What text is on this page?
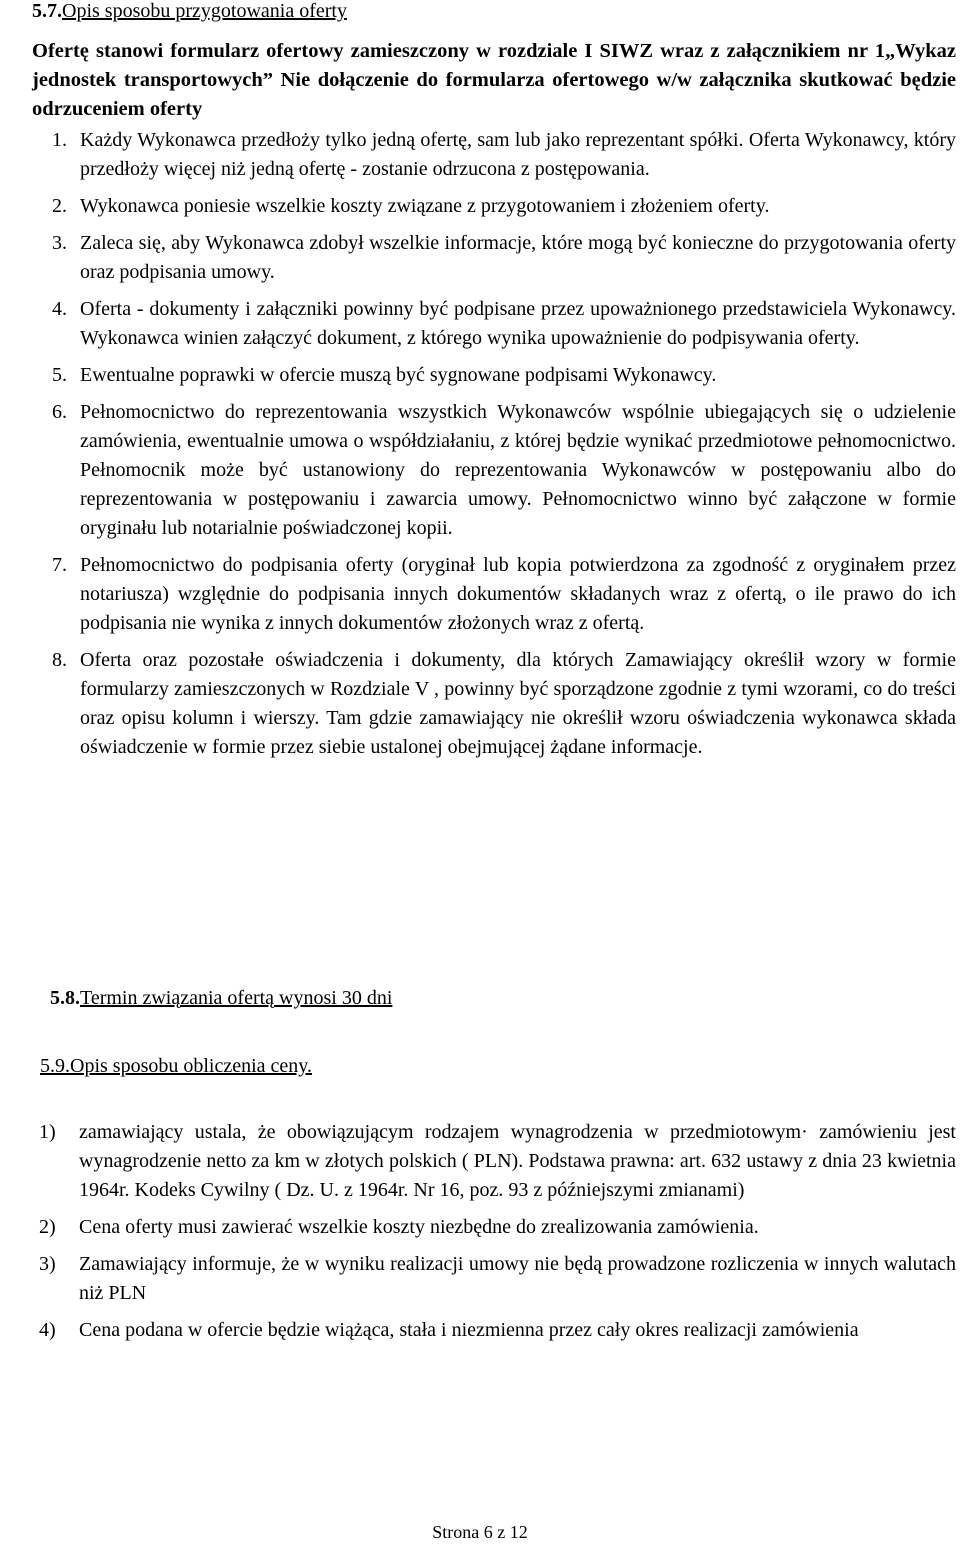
5.7.Opis sposobu przygotowania oferty
Ofertę stanowi formularz ofertowy zamieszczony w rozdziale I SIWZ wraz z załącznikiem nr 1„Wykaz jednostek transportowych” Nie dołączenie do formularza ofertowego w/w załącznika skutkować będzie odrzuceniem oferty
1. Każdy Wykonawca przedłoży tylko jedną ofertę, sam lub jako reprezentant spółki. Oferta Wykonawcy, który przedłoży więcej niż jedną ofertę - zostanie odrzucona z postępowania.
2. Wykonawca poniesie wszelkie koszty związane z przygotowaniem i złożeniem oferty.
3. Zaleca się, aby Wykonawca zdobył wszelkie informacje, które mogą być konieczne do przygotowania oferty oraz podpisania umowy.
4. Oferta - dokumenty i załączniki powinny być podpisane przez upoważnionego przedstawiciela Wykonawcy. Wykonawca winien załączyć dokument, z którego wynika upoważnienie do podpisywania oferty.
5. Ewentualne poprawki w ofercie muszą być sygnowane podpisami Wykonawcy.
6. Pełnomocnictwo do reprezentowania wszystkich Wykonawców wspólnie ubiegających się o udzielenie zamówienia, ewentualnie umowa o współdziałaniu, z której będzie wynikać przedmiotowe pełnomocnictwo. Pełnomocnik może być ustanowiony do reprezentowania Wykonawców w postępowaniu albo do reprezentowania w postępowaniu i zawarcia umowy. Pełnomocnictwo winno być załączone w formie oryginału lub notarialnie poświadczonej kopii.
7. Pełnomocnictwo do podpisania oferty (oryginał lub kopia potwierdzona za zgodność z oryginałem przez notariusza) względnie do podpisania innych dokumentów składanych wraz z ofertą, o ile prawo do ich podpisania nie wynika z innych dokumentów złożonych wraz z ofertą.
8. Oferta oraz pozostałe oświadczenia i dokumenty, dla których Zamawiający określił wzory w formie formularzy zamieszczonych w Rozdziale V , powinny być sporządzone zgodnie z tymi wzorami, co do treści oraz opisu kolumn i wierszy. Tam gdzie zamawiający nie określił wzoru oświadczenia wykonawca składa oświadczenie w formie przez siebie ustalonej obejmującej żądane informacje.
5.8.Termin związania ofertą wynosi 30 dni
5.9.Opis sposobu obliczenia ceny.
1) zamawiający ustala, że obowiązującym rodzajem wynagrodzenia w przedmiotowym· zamówieniu jest wynagrodzenie netto za km w złotych polskich ( PLN). Podstawa prawna: art. 632 ustawy z dnia 23 kwietnia 1964r. Kodeks Cywilny ( Dz. U. z 1964r. Nr 16, poz. 93 z późniejszymi zmianami)
2) Cena oferty musi zawierać wszelkie koszty niezbędne do zrealizowania zamówienia.
3) Zamawiający informuje, że w wyniku realizacji umowy nie będą prowadzone rozliczenia w innych walutach niż PLN
4) Cena podana w ofercie będzie wiążąca, stała i niezmienna przez cały okres realizacji zamówienia
Strona 6 z 12
